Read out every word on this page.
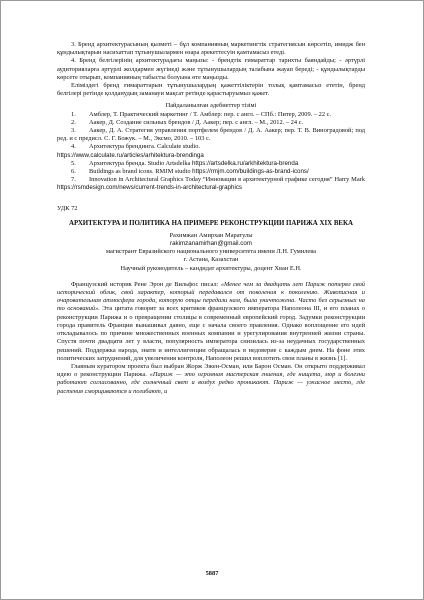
3. Бренд архитектурасының қызметі – бұл компанияның маркетингтік стратегиясын көрсетіп, имидж бен құндылықтарын насихаттап тұтынушылармен өзара әрекеттесуін қамтамасыз етеді.

4. Бренд белгілерінің архитектурадағы маңызы: - брендтік ғимараттар тарихты баяндайды; - әртүрлі аудиторияларға әртүрлі жолдармен жүгінеді және тұтынушылардың талабына жауап береді; - құндылықтарды көрсете отырып, компанияның табысты болуына өте маңызды.

Еліміздегі бренд ғимараттарын тұтынушылардың қажеттіліктерін толық қамтамасыз ететін, бренд белгілері ретінде қолданудың заманауи мақсат ретінде қарастыруымыз қажет.

Пайдаланылған әдебиеттер тізімі

1. Амблер, Т. Практический маркетинг / Т. Амблер: пер. с англ. – СПб.: Питер, 2009. – 22 с.

2. Аакер, Д. Создание сильных брендов / Д. Аакер; пер. с англ. – М., 2012. – 24 с.

3. Аакер, Д. А. Стратегия управления портфелем брендов / Д. А. Аакер; пер. Т. В. Виноградовой; под ред. и с предисл. С. Г. Божук. – М., Эксмо, 2010. – 103 с.

4. Архитектура брендинга. Calculate studio.
https://www.calculate.ru/articles/arhitektura-brendinga

5. Архитектура бренда. Studio Artsdelka https://artsdelka.ru/arkhitektura-brenda

6. Buildings as brand icons. RMJM studio https://rmjm.com/buildings-as-brand-icons/

7. Innovation in Architectural Graphics Today “Инновации в архитектурной графике сегодня” Harry Mark https://rsmdesign.com/news/current-trends-in-architectural-graphics

УДК 72

АРХИТЕКТУРА И ПОЛИТИКА НА ПРИМЕРЕ РЕКОНСТРУКЦИИ ПАРИЖА XIX ВЕКА

Рахимжан Амирхан Маратулы

rakimzanamirhan@gmail.com

магистрант Евразийского национального университета имени Л.Н. Гумилева

г. Астана, Казахстан

Научный руководитель – кандидат архитектуры, доцент Хван Е.Н.

Французский историк Рене Эрон де Вильфос писал: «Менее чем за двадцать лет Париж потерял свой исторический облик, свой характер, который передавался от поколения к поколению. Живописная и очаровательная атмосфера города, которую отцы передали нам, была уничтожена. Часто без серьезных на то оснований». Эта цитата говорит за всех критиков французского императора Наполеона III, и его планах о реконструкции Парижа и о превращении столицы в современный европейский город. Задумки реконструкции города правитель Франции вынашивал давно, еще с начала своего правления. Однако воплощение его идей откладывалось по причине множественных военных компании и урегулирования внутренней жизни страны. Спустя почти двадцати лет у власти, популярность императора снизилась из-за неудачных государственных решений. Поддержка народа, знати и интеллигенции обращалась в недоверие с каждым днем. На фоне этих политических затруднений, для увеличения контроля, Наполеон решил воплотить свои планы в жизнь [1].

Главным куратором проекта был выбран Жорж Эжен-Осман, или Барон Осман. Он открыто поддерживал идею о реконструкции Парижа. «Париж — это огромная мастерская гниения, где нищета, мор и болезни работают согласованно, где солнечный свет и воздух редко проникают. Париж — ужасное место, где растения сморщиваются и погибают, и

5887
